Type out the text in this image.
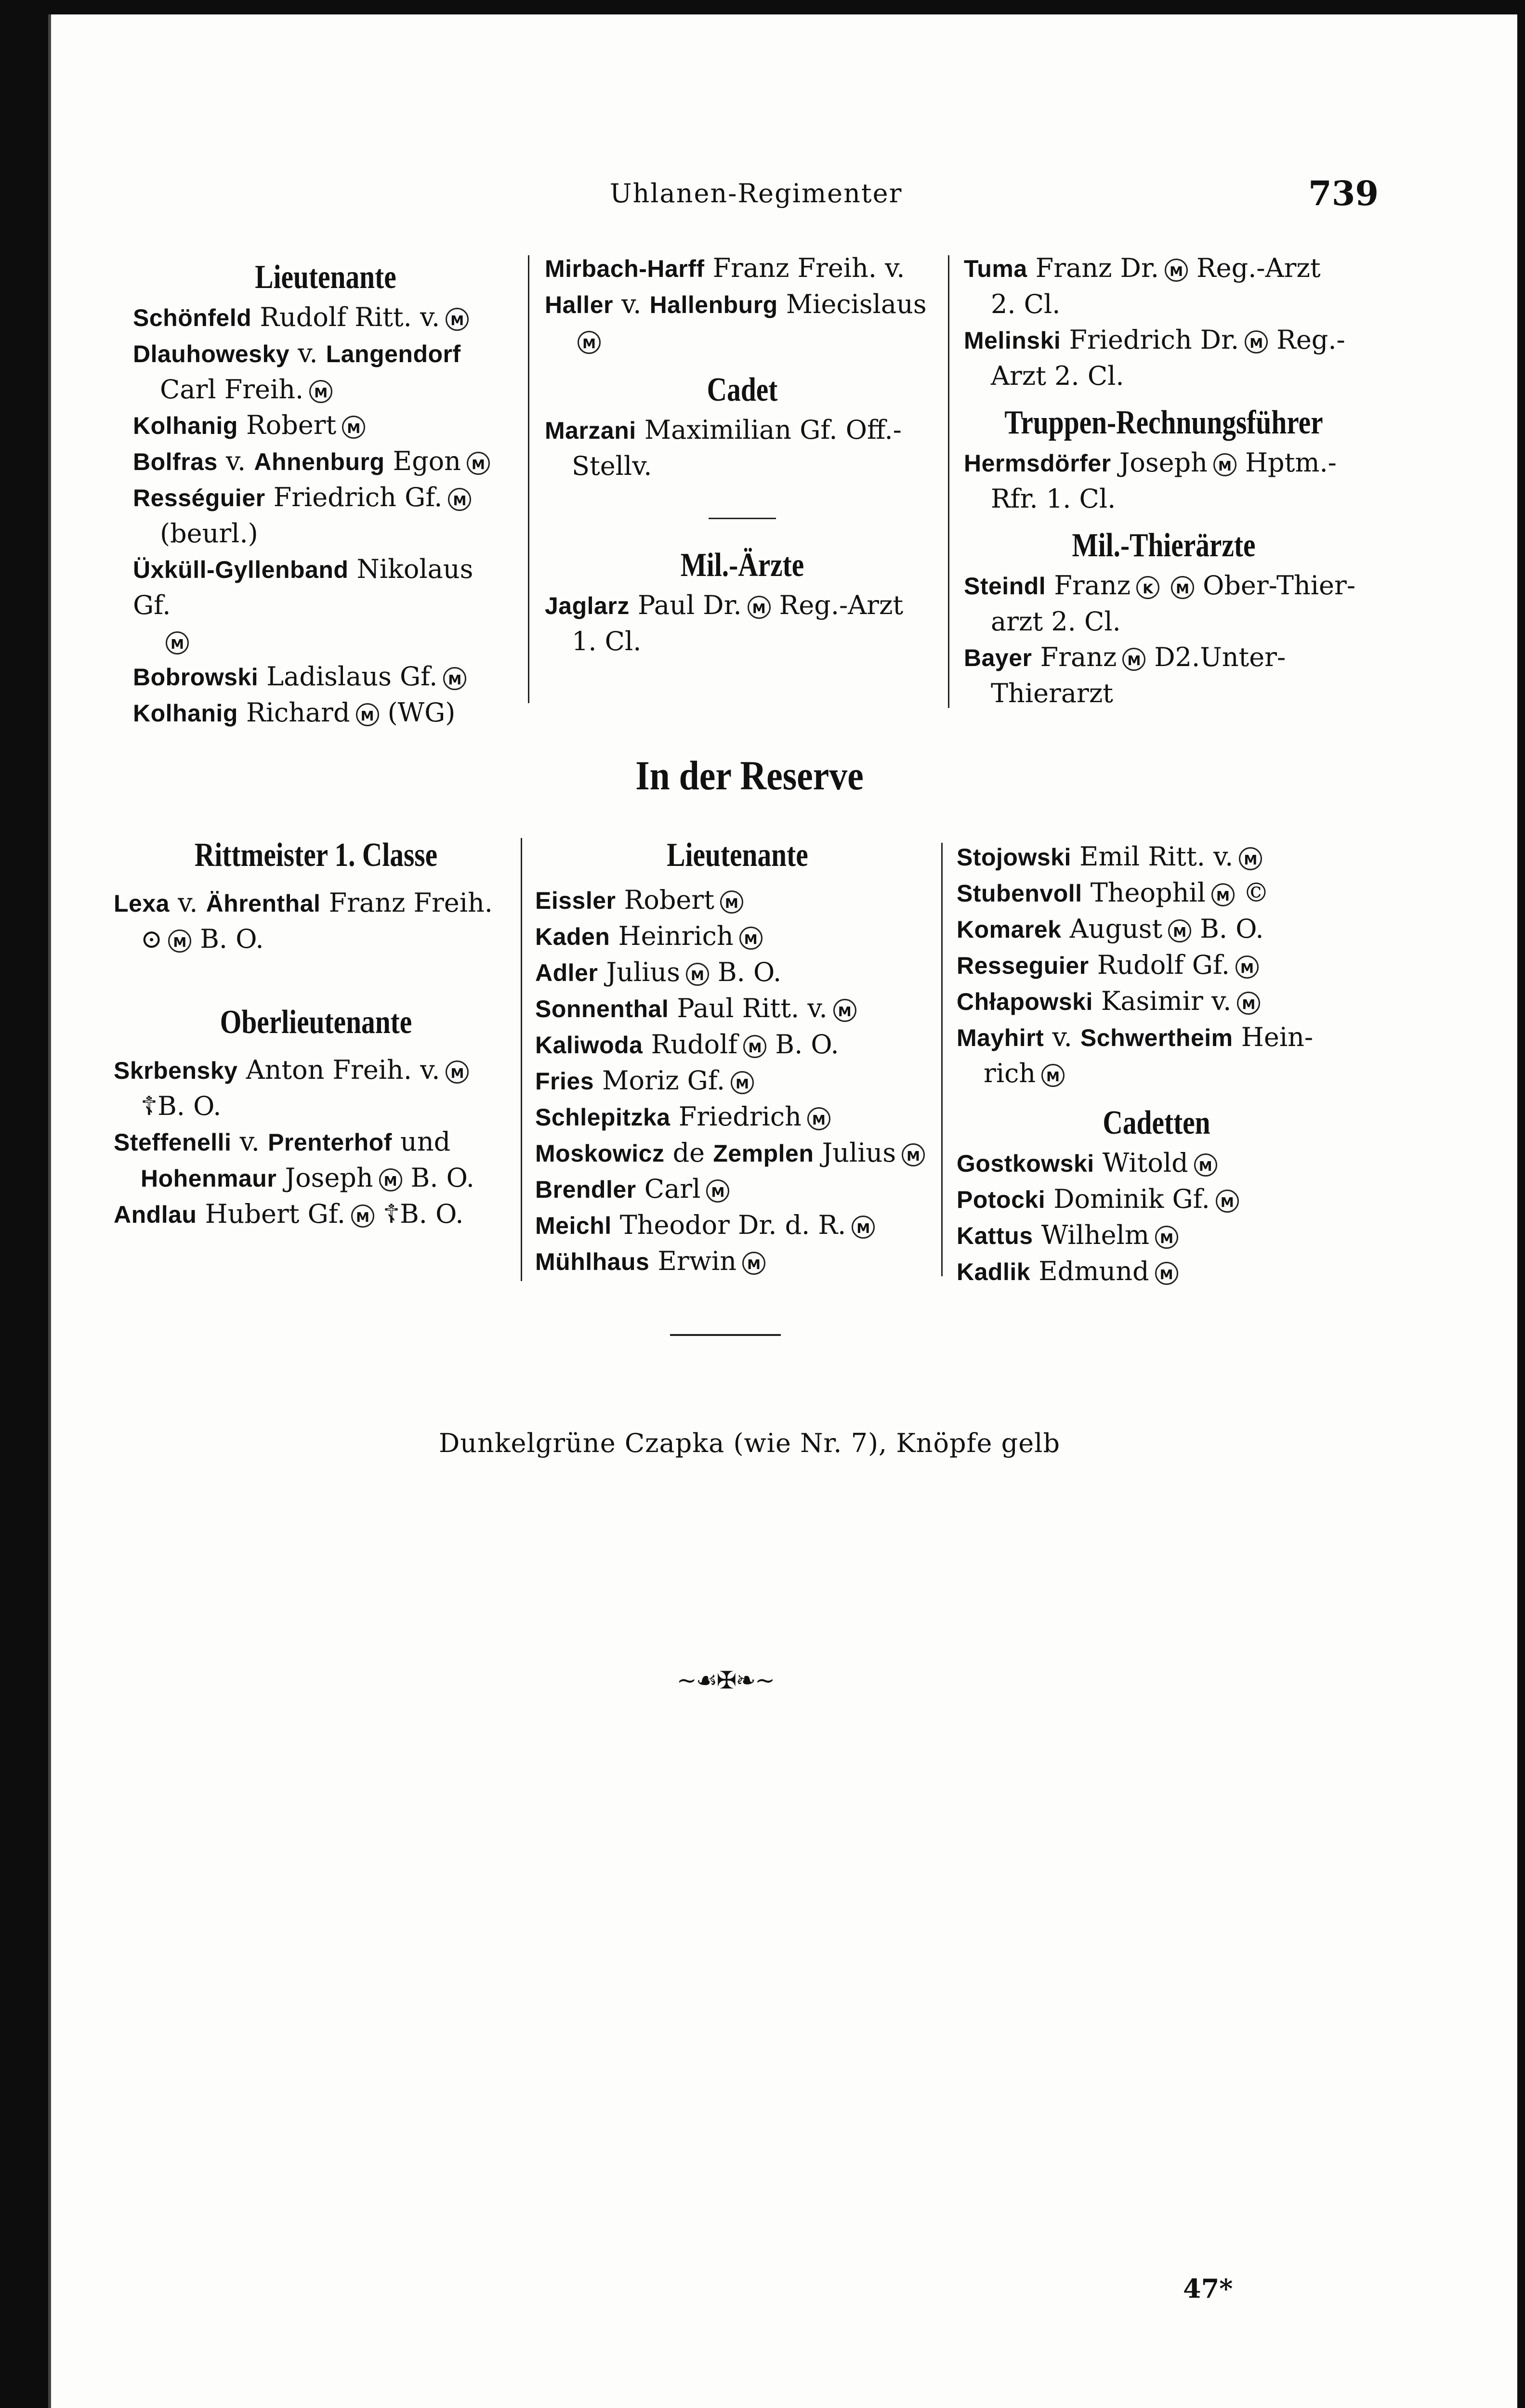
Uhlanen-Regimenter	739
Lieutenante

Schönfeld Rudolf Ritt. v. M

Dlauhowesky v. Langendorf

Carl Freih. M

Kolhanig Robert M

Bolfras v. Ahnenburg Egon M

Rességuier Friedrich Gf. M

(beurl.)

Üxküll-Gyllenband Nikolaus Gf.

M

Bobrowski Ladislaus Gf. M

Kolhanig Richard M (WG)

Mirbach-Harff Franz Freih. v.

Haller v. Hallenburg Miecislaus

M

Cadet

Marzani Maximilian Gf. Off.-

Stellv.

Mil.-Ärzte

Jaglarz Paul Dr. M Reg.-Arzt

1. Cl.

Tuma Franz Dr. M Reg.-Arzt

2. Cl.

Melinski Friedrich Dr. M Reg.-

Arzt 2. Cl.

Truppen-Rechnungsführer

Hermsdörfer Joseph M Hptm.-

Rfr. 1. Cl.

Mil.-Thierärzte

Steindl Franz K M Ober-Thier-

arzt 2. Cl.

Bayer Franz M D2.Unter-

Thierarzt

In der Reserve
Rittmeister 1. Classe

Lexa v. Ährenthal Franz Freih.

⊙ M B. O.

Oberlieutenante

Skrbensky Anton Freih. v. M

☦B. O.

Steffenelli v. Prenterhof und

Hohenmaur Joseph M B. O.

Andlau Hubert Gf. M ☦B. O.

Lieutenante

Eissler Robert M

Kaden Heinrich M

Adler Julius M B. O.

Sonnenthal Paul Ritt. v. M

Kaliwoda Rudolf M B. O.

Fries Moriz Gf. M

Schlepitzka Friedrich M

Moskowicz de Zemplen Julius M

Brendler Carl M

Meichl Theodor Dr. d. R. M

Mühlhaus Erwin M

Stojowski Emil Ritt. v. M

Stubenvoll Theophil M ©

Komarek August M B. O.

Resseguier Rudolf Gf. M

Chłapowski Kasimir v. M

Mayhirt v. Schwertheim Hein-

rich M

Cadetten

Gostkowski Witold M

Potocki Dominik Gf. M

Kattus Wilhelm M

Kadlik Edmund M

Dunkelgrüne Czapka (wie Nr. 7), Knöpfe gelb
~☙✠❧~
47*
